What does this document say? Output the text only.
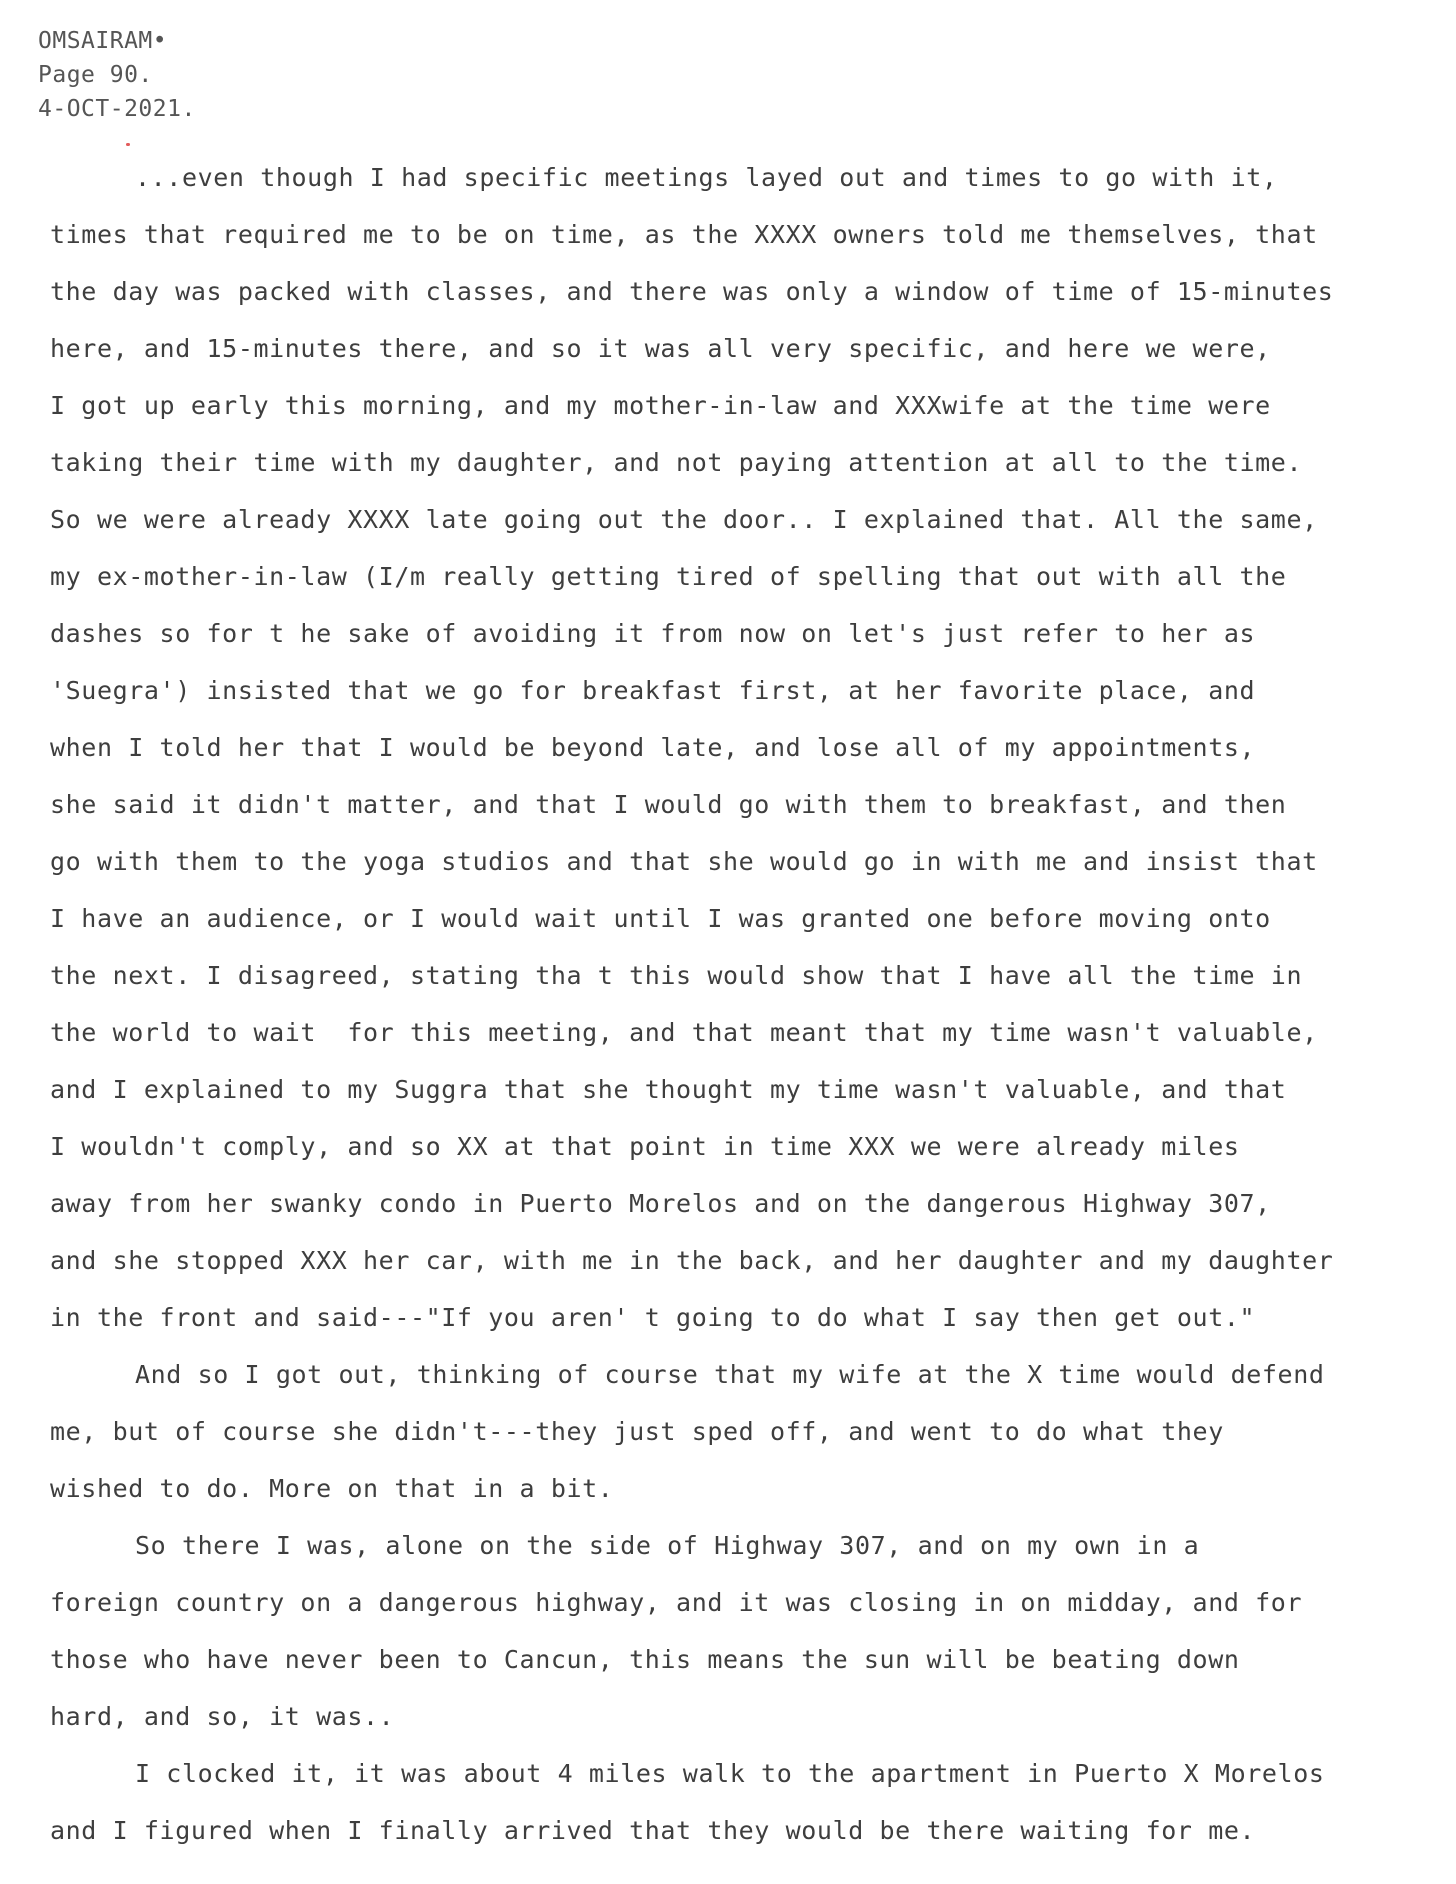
OMSAIRAM•
Page 90.
4-OCT-2021.
...even though I had specific meetings layed out and times to go with it,
times that required me to be on time, as the XXXX owners told me themselves, that
the day was packed with classes, and there was only a window of time of 15-minutes
here, and 15-minutes there, and so it was all very specific, and here we were,
I got up early this morning, and my mother-in-law and XXXwife at the time were
taking their time with my daughter, and not paying attention at all to the time.
So we were already XXXX late going out the door.. I explained that. All the same,
my ex-mother-in-law (I/m really getting tired of spelling that out with all the
dashes so for t he sake of avoiding it from now on let's just refer to her as
'Suegra') insisted that we go for breakfast first, at her favorite place, and
when I told her that I would be beyond late, and lose all of my appointments,
she said it didn't matter, and that I would go with them to breakfast, and then
go with them to the yoga studios and that she would go in with me and insist that
I have an audience, or I would wait until I was granted one before moving onto
the next. I disagreed, stating tha t this would show that I have all the time in
the world to wait  for this meeting, and that meant that my time wasn't valuable,
and I explained to my Suggra that she thought my time wasn't valuable, and that
I wouldn't comply, and so XX at that point in time XXX we were already miles
away from her swanky condo in Puerto Morelos and on the dangerous Highway 307,
and she stopped XXX her car, with me in the back, and her daughter and my daughter
in the front and said---"If you aren' t going to do what I say then get out."
And so I got out, thinking of course that my wife at the X time would defend
me, but of course she didn't---they just sped off, and went to do what they
wished to do. More on that in a bit.
So there I was, alone on the side of Highway 307, and on my own in a
foreign country on a dangerous highway, and it was closing in on midday, and for
those who have never been to Cancun, this means the sun will be beating down
hard, and so, it was..
I clocked it, it was about 4 miles walk to the apartment in Puerto X Morelos
and I figured when I finally arrived that they would be there waiting for me.
